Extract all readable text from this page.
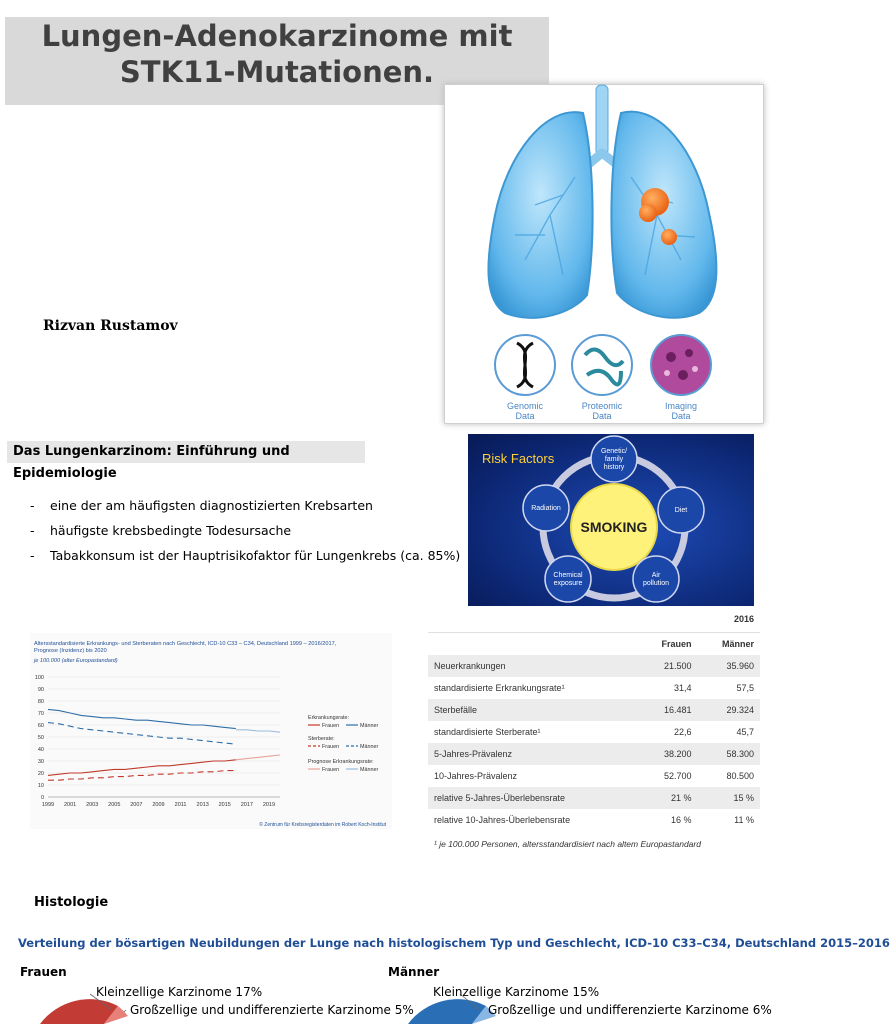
Lungen-Adenokarzinome mit
STK11-Mutationen.
Rizvan Rustamov
Genomic Data
Proteomic Data
Imaging Data
Das Lungenkarzinom: Einführung und Epidemiologie
- eine der am häufigsten diagnostizierten Krebsarten
- häufigste krebsbedingte Todesursache
- Tabakkonsum ist der Hauptrisikofaktor für Lungenkrebs (ca. 85%)
Risk Factors
SMOKING
Genetic/ family history
Diet
Air pollution
Chemical exposure
Radiation
Altersstandardisierte Erkrankungs- und Sterberaten nach Geschlecht, ICD-10 C33 – C34, Deutschland 1999 – 2016/2017, Prognose (Inzidenz) bis 2020
je 100.000 (alter Europastandard)
0
10
20
30
40
50
60
70
80
90
100
1999 2001 2003 2005 2007 2009 2011 2013 2015 2017 2019
Erkrankungsrate:
Frauen	Männer
Sterberate:
Frauen	Männer
Prognose Erkrankungsrate:
Frauen	Männer
© Zentrum für Krebsregisterdaten im Robert Koch-Institut
2016
	Frauen	Männer
Neuerkrankungen	21.500	35.960
standardisierte Erkrankungsrate¹	31,4	57,5
Sterbefälle	16.481	29.324
standardisierte Sterberate¹	22,6	45,7
5-Jahres-Prävalenz	38.200	58.300
10-Jahres-Prävalenz	52.700	80.500
relative 5-Jahres-Überlebensrate	21 %	15 %
relative 10-Jahres-Überlebensrate	16 %	11 %
¹ je 100.000 Personen, altersstandardisiert nach altem Europastandard
Histologie
Verteilung der bösartigen Neubildungen der Lunge nach histologischem Typ und Geschlecht, ICD-10 C33–C34, Deutschland 2015–2016
Frauen	Männer
Kleinzellige Karzinome 17%
Großzellige und undifferenzierte Karzinome 5%
Kleinzellige Karzinome 15%
Großzellige und undifferenzierte Karzinome 6%
